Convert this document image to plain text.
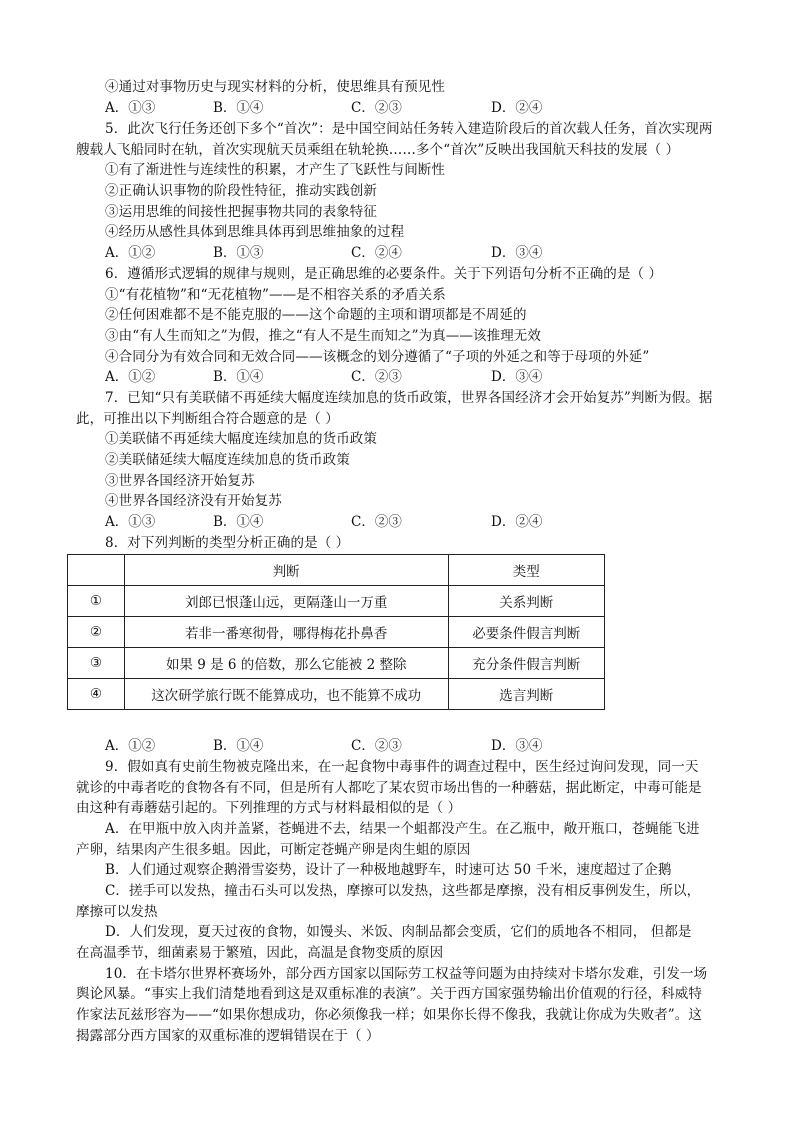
④通过对事物历史与现实材料的分析，使思维具有预见性
A．①③	B．①④	C．②③	D．②④
5．此次飞行任务还创下多个“首次”：是中国空间站任务转入建造阶段后的首次载人任务，首次实现两
艘载人飞船同时在轨，首次实现航天员乘组在轨轮换……多个“首次”反映出我国航天科技的发展（ ）
①有了渐进性与连续性的积累，才产生了飞跃性与间断性
②正确认识事物的阶段性特征，推动实践创新
③运用思维的间接性把握事物共同的表象特征
④经历从感性具体到思维具体再到思维抽象的过程
A．①②	B．①③	C．②④	D．③④
6．遵循形式逻辑的规律与规则，是正确思维的必要条件。关于下列语句分析不正确的是（ ）
①“有花植物”和“无花植物”——是不相容关系的矛盾关系
②任何困难都不是不能克服的——这个命题的主项和谓项都是不周延的
③由“有人生而知之”为假，推之“有人不是生而知之”为真——该推理无效
④合同分为有效合同和无效合同——该概念的划分遵循了“子项的外延之和等于母项的外延”
A．①②	B．①④	C．②③	D．③④
7．已知“只有美联储不再延续大幅度连续加息的货币政策，世界各国经济才会开始复苏”判断为假。据
此，可推出以下判断组合符合题意的是（ ）
①美联储不再延续大幅度连续加息的货币政策
②美联储延续大幅度连续加息的货币政策
③世界各国经济开始复苏
④世界各国经济没有开始复苏
A．①③	B．①④	C．②③	D．②④
8．对下列判断的类型分析正确的是（ ）
	判断	类型
①	刘郎已恨蓬山远，更隔蓬山一万重	关系判断
②	若非一番寒彻骨，哪得梅花扑鼻香	必要条件假言判断
③	如果 9 是 6 的倍数，那么它能被 2 整除	充分条件假言判断
④	这次研学旅行既不能算成功，也不能算不成功	选言判断
A．①②	B．①④	C．②③	D．③④
9．假如真有史前生物被克隆出来，在一起食物中毒事件的调查过程中，医生经过询问发现，同一天
就诊的中毒者吃的食物各有不同，但是所有人都吃了某农贸市场出售的一种蘑菇，据此断定，中毒可能是
由这种有毒蘑菇引起的。下列推理的方式与材料最相似的是（ ）
A．在甲瓶中放入肉并盖紧，苍蝇进不去，结果一个蛆都没产生。在乙瓶中，敞开瓶口，苍蝇能飞进
产卵，结果肉产生很多蛆。因此，可断定苍蝇产卵是肉生蛆的原因
B．人们通过观察企鹅滑雪姿势，设计了一种极地越野车，时速可达 50 千米，速度超过了企鹅
C．搓手可以发热，撞击石头可以发热，摩擦可以发热，这些都是摩擦，没有相反事例发生，所以，
摩擦可以发热
D．人们发现，夏天过夜的食物，如馒头、米饭、肉制品都会变质，它们的质地各不相同， 但都是
在高温季节，细菌素易于繁殖，因此，高温是食物变质的原因
10．在卡塔尔世界杯赛场外，部分西方国家以国际劳工权益等问题为由持续对卡塔尔发难，引发一场
舆论风暴。“事实上我们清楚地看到这是双重标准的表演”。关于西方国家强势输出价值观的行径，科威特
作家法瓦兹形容为——“如果你想成功，你必须像我一样；如果你长得不像我，我就让你成为失败者”。这
揭露部分西方国家的双重标准的逻辑错误在于（ ）
